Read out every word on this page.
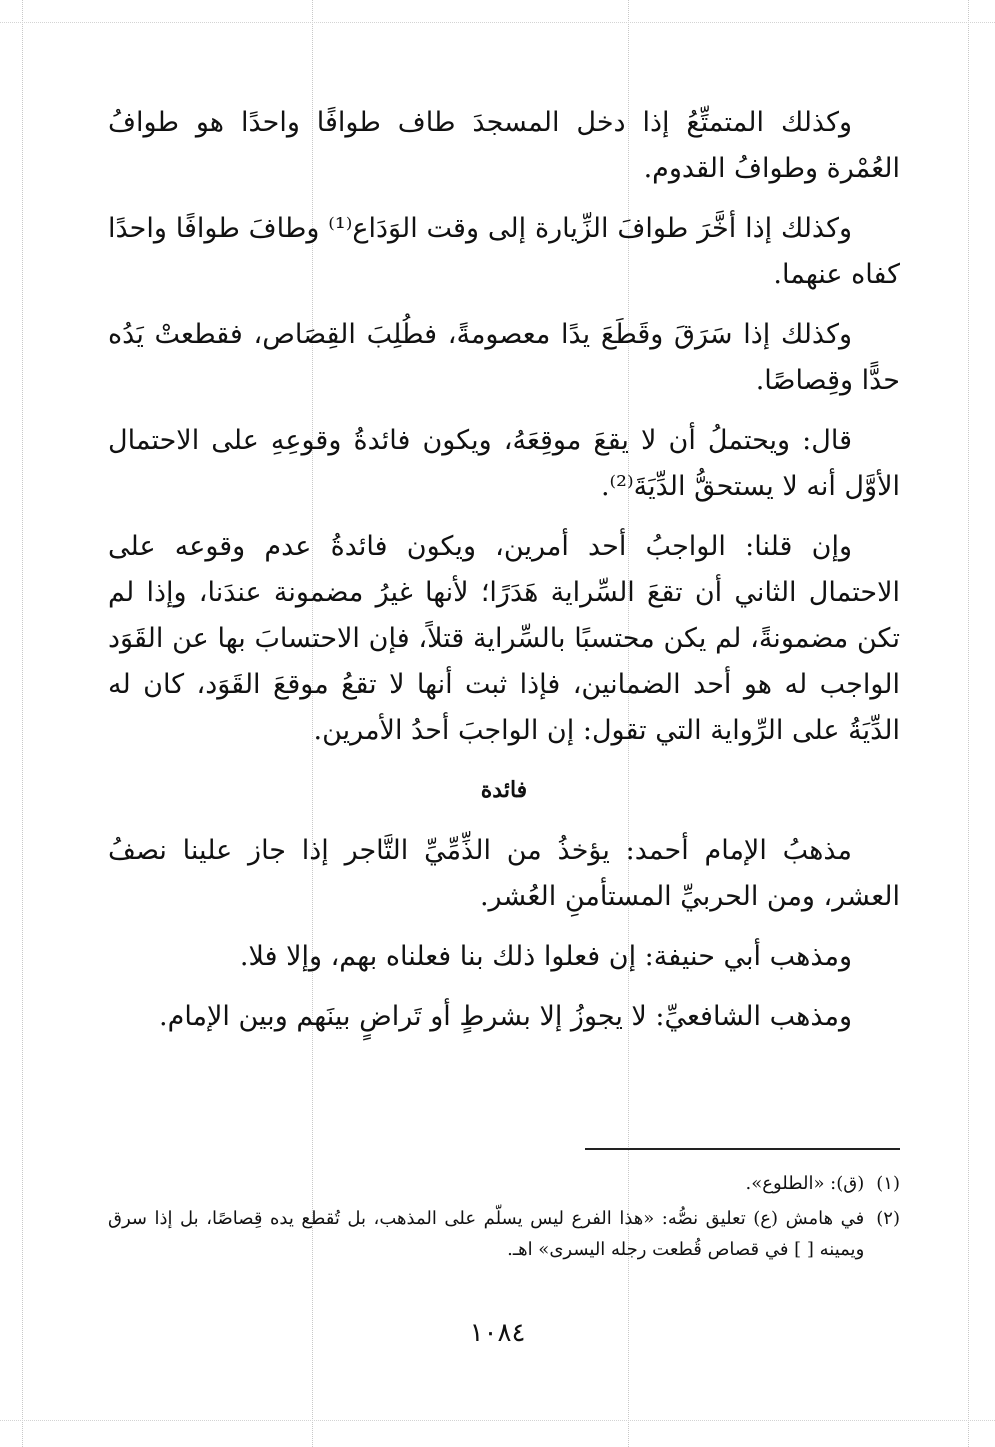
وكذلك المتمتِّعُ إذا دخل المسجدَ طاف طوافًا واحدًا هو طوافُ العُمْرة وطوافُ القدوم.

وكذلك إذا أخَّرَ طوافَ الزِّيارة إلى وقت الوَدَاع⁽¹⁾ وطافَ طوافًا واحدًا كفاه عنهما.

وكذلك إذا سَرَقَ وقَطَعَ يدًا معصومةً، فطُلِبَ القِصَاص، فقطعتْ يَدُه حدًّا وقِصاصًا.

قال: ويحتملُ أن لا يقعَ موقِعَهُ، ويكون فائدةُ وقوعِهِ على الاحتمال الأوَّل أنه لا يستحقُّ الدِّيَةَ⁽²⁾.

وإن قلنا: الواجبُ أحد أمرين، ويكون فائدةُ عدم وقوعه على الاحتمال الثاني أن تقعَ السِّراية هَدَرًا؛ لأنها غيرُ مضمونة عندَنا، وإذا لم تكن مضمونةً، لم يكن محتسبًا بالسِّراية قتلاً، فإن الاحتسابَ بها عن القَوَد الواجب له هو أحد الضمانين، فإذا ثبت أنها لا تقعُ موقعَ القَوَد، كان له الدِّيَةُ على الرِّواية التي تقول: إن الواجبَ أحدُ الأمرين.

فائدة

مذهبُ الإمام أحمد: يؤخذُ من الذِّمِّيِّ التَّاجر إذا جاز علينا نصفُ العشر، ومن الحربيِّ المستأمنِ العُشر.

ومذهب أبي حنيفة: إن فعلوا ذلك بنا فعلناه بهم، وإلا فلا.

ومذهب الشافعيِّ: لا يجوزُ إلا بشرطٍ أو تَراضٍ بينَهم وبين الإمام.

(١)
(ق): «الطلوع».
(٢)
في هامش (ع) تعليق نصُّه: «هذا الفرع ليس يسلّم على المذهب، بل تُقطع يده قِصاصًا، بل إذا سرق ويمينه [ ] في قصاص قُطعت رجله اليسرى» اهـ.
١٠٨٤
